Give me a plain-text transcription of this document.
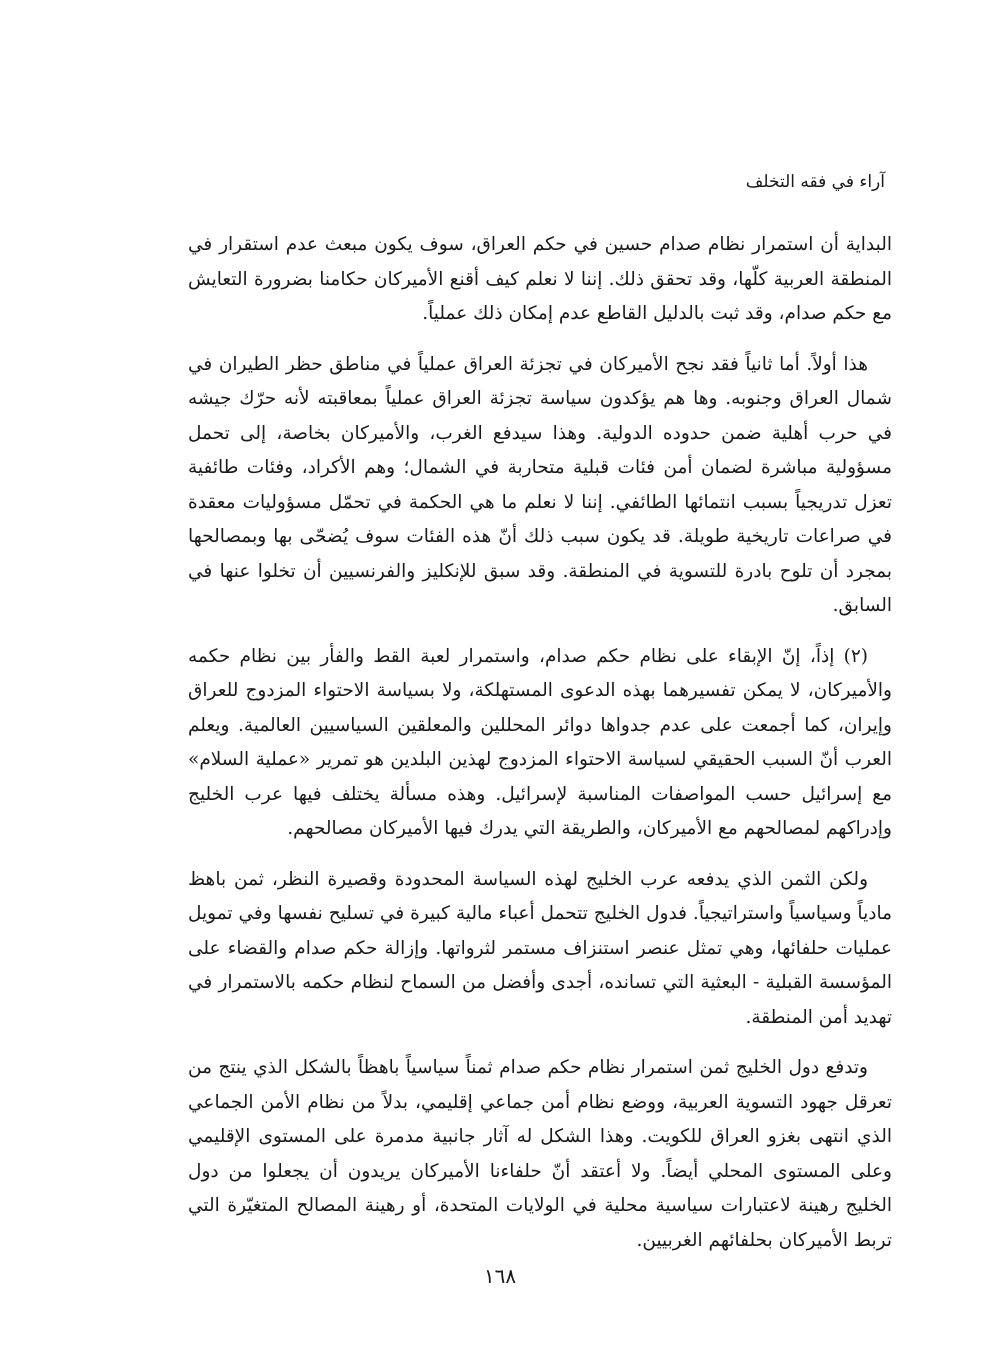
آراء في فقه التخلف

البداية أن استمرار نظام صدام حسين في حكم العراق، سوف يكون مبعث عدم استقرار في المنطقة العربية كلّها، وقد تحقق ذلك. إننا لا نعلم كيف أقنع الأميركان حكامنا بضرورة التعايش مع حكم صدام، وقد ثبت بالدليل القاطع عدم إمكان ذلك عملياً.

هذا أولاً. أما ثانياً فقد نجح الأميركان في تجزئة العراق عملياً في مناطق حظر الطيران في شمال العراق وجنوبه. وها هم يؤكدون سياسة تجزئة العراق عملياً بمعاقبته لأنه حرّك جيشه في حرب أهلية ضمن حدوده الدولية. وهذا سيدفع الغرب، والأميركان بخاصة، إلى تحمل مسؤولية مباشرة لضمان أمن فئات قبلية متحاربة في الشمال؛ وهم الأكراد، وفئات طائفية تعزل تدريجياً بسبب انتمائها الطائفي. إننا لا نعلم ما هي الحكمة في تحمّل مسؤوليات معقدة في صراعات تاريخية طويلة. قد يكون سبب ذلك أنّ هذه الفئات سوف يُضحّى بها وبمصالحها بمجرد أن تلوح بادرة للتسوية في المنطقة. وقد سبق للإنكليز والفرنسيين أن تخلوا عنها في السابق.

(٢) إذاً، إنّ الإبقاء على نظام حكم صدام، واستمرار لعبة القط والفأر بين نظام حكمه والأميركان، لا يمكن تفسيرهما بهذه الدعوى المستهلكة، ولا بسياسة الاحتواء المزدوج للعراق وإيران، كما أجمعت على عدم جدواها دوائر المحللين والمعلقين السياسيين العالمية. ويعلم العرب أنّ السبب الحقيقي لسياسة الاحتواء المزدوج لهذين البلدين هو تمرير «عملية السلام» مع إسرائيل حسب المواصفات المناسبة لإسرائيل. وهذه مسألة يختلف فيها عرب الخليج وإدراكهم لمصالحهم مع الأميركان، والطريقة التي يدرك فيها الأميركان مصالحهم.

ولكن الثمن الذي يدفعه عرب الخليج لهذه السياسة المحدودة وقصيرة النظر، ثمن باهظ مادياً وسياسياً واستراتيجياً. فدول الخليج تتحمل أعباء مالية كبيرة في تسليح نفسها وفي تمويل عمليات حلفائها، وهي تمثل عنصر استنزاف مستمر لثرواتها. وإزالة حكم صدام والقضاء على المؤسسة القبلية - البعثية التي تسانده، أجدى وأفضل من السماح لنظام حكمه بالاستمرار في تهديد أمن المنطقة.

وتدفع دول الخليج ثمن استمرار نظام حكم صدام ثمناً سياسياً باهظاً بالشكل الذي ينتج من تعرقل جهود التسوية العربية، ووضع نظام أمن جماعي إقليمي، بدلاً من نظام الأمن الجماعي الذي انتهى بغزو العراق للكويت. وهذا الشكل له آثار جانبية مدمرة على المستوى الإقليمي وعلى المستوى المحلي أيضاً. ولا أعتقد أنّ حلفاءنا الأميركان يريدون أن يجعلوا من دول الخليج رهينة لاعتبارات سياسية محلية في الولايات المتحدة، أو رهينة المصالح المتغيّرة التي تربط الأميركان بحلفائهم الغربيين.

١٦٨
